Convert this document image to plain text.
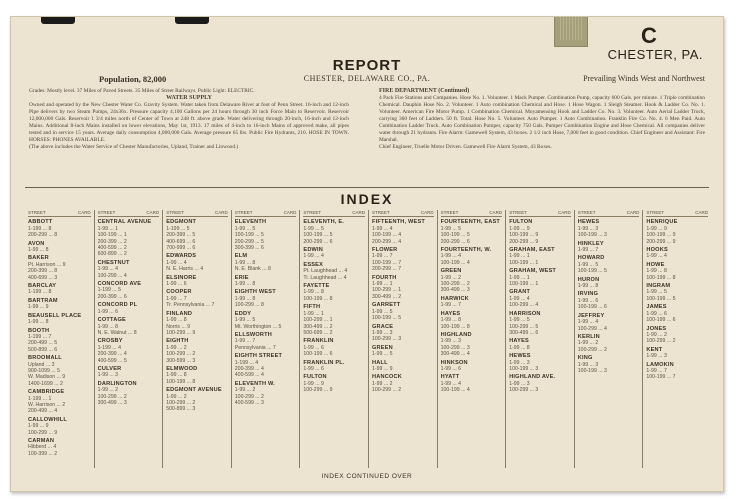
C
CHESTER, PA.
REPORT
Population, 82,000	CHESTER, DELAWARE CO., PA.	Prevailing Winds West and Northwest
Grades: Mostly level. 37 Miles of Paved Streets. 35 Miles of Street Railways. Public Light: ELECTRIC.
WATER SUPPLY
Owned and operated by the New Chester Water Co. Gravity System. Water taken from Delaware River at foot of Penn Street. 16-inch and 12-inch Pipe delivers by two Steam Pumps, 24x36x. Pressure capacity 4,100 Gallons per 24 hours through 30 inch Force Main to Reservoir. Reservoir 12,000,000 Gals. Reservoir 1 3/4 miles north of Center of Town at 248 ft. above grade. Water delivering through 20-inch, 16-inch and 12-inch Mains. Additional 8-inch Mains installed on lower elevations, May 1st, 1913. 17 miles of 4-inch to 16-inch Mains of approved make, all pipes tested and in service 15 years. Average daily consumption 4,000,000 Gals. Average pressure 65 lbs. Public Fire Hydrants, 210. HOSE IN TOWN. HORSES: PHONES AVAILABLE.
(The above includes the Water Service of Chester Manufactories, Upland, Trainer and Linwood.)
FIRE DEPARTMENT (Continued)
4 Pack Fire Stations and Companies. Hose No. 1. Volunteer. 1 Mack Pumper. Combination Pump, capacity 600 Gals. per minute. 1 Triple combination Chemical. Dauphin Hose No. 2. Volunteer. 1 Auto combination Chemical and Hose. 1 Hose Wagon. 1 Sleigh Steamer. Hook & Ladder Co. No. 1. Volunteer. American Fire Motor Pump. 1 Combination Chemical. Moyamensing Hook and Ladder Co. No. 3. Volunteer. Auto Aerial Ladder Truck, carrying 360 feet of Ladders. 50 ft. Total. Hose No. 5. Volunteer. Auto Pumper. 1 Auto Combination. Franklin Fire Co. No. 4. 6 Men Paid. Auto Combination Ladder Truck. Auto Combination Pumper, capacity 750 Gals. Pumper Combination Engine and Hose Chemical. All companies deliver water through 21 hydrants. Fire Alarm: Gamewell System, 43 boxes. 2 1/2 inch Hose, 7,000 feet in good condition. Chief Engineer and Assistant: Fire Marshal.
Chief Engineer, Truelle Motor Driven. Gamewell Fire Alarm System, 43 Boxes.
INDEX
STREET	CARD
ABBOTT
1-199 ... 8
200-299 ... 8
AVON
1-99 ... 8
BAKER
Pt. Harrison ... 9
200-399 ... 8
400-699 ... 3
BARCLAY
1-199 ... 8
BARTRAM
1-99 ... 9
BEAUSELL PLACE
1-99 ... 8
BOOTH
1-199 ... 7
200-499 ... 5
500-899 ... 6
BROOMALL
Upland ... 3
900-1099 ... 5
W. Madison ... 9
1400-1699 ... 2
CAMBRIDGE
1-199 ... 1
W. Harrison ... 2
200-499 ... 4
CALLOWHILL
1-99 ... 9
100-299 ... 9
CARMAN
Hibberd ... 4
100-399 ... 2
STREET	CARD
CENTRAL AVENUE
1-99 ... 1
100-199 ... 1
200-399 ... 2
400-599 ... 2
600-899 ... 2
CHESTNUT
1-99 ... 4
100-299 ... 4
CONCORD AVE
1-199 ... 5
200-399 ... 6
CONCORD PL
1-99 ... 6
COTTAGE
1-99 ... 8
N. E. Walnut ... 8
CROSBY
1-199 ... 4
200-399 ... 4
400-599 ... 5
CULVER
1-99 ... 3
DARLINGTON
1-99 ... 2
100-299 ... 2
300-499 ... 3
STREET	CARD
EDGMONT
1-199 ... 5
200-399 ... 5
400-699 ... 6
700-999 ... 6
EDWARDS
1-99 ... 4
N. E. Harris ... 4
ELSINORE
1-99 ... 6
COOPER
1-99 ... 7
Tr. Pennsylvania ... 7
FINLAND
1-99 ... 8
Norris ... 9
100-299 ... 9
EIGHTH
1-99 ... 2
100-299 ... 2
300-599 ... 3
ELMWOOD
1-99 ... 8
100-199 ... 8
EDGMONT AVENUE
1-99 ... 2
100-299 ... 2
500-899 ... 3
STREET	CARD
ELEVENTH
1-99 ... 5
100-199 ... 5
200-299 ... 5
300-399 ... 6
ELM
1-99 ... 8
N. E. Blank ... 8
ERIE
1-99 ... 8
EIGHTH WEST
1-99 ... 8
100-299 ... 8
EDDY
1-99 ... 5
Mt. Worthington ... 5
ELLSWORTH
1-99 ... 7
Pennsylvania ... 7
EIGHTH STREET
1-199 ... 4
200-399 ... 4
400-599 ... 4
ELEVENTH W.
1-99 ... 2
100-299 ... 2
400-599 ... 3
STREET	CARD
ELEVENTH, E.
1-99 ... 5
100-199 ... 5
200-299 ... 6
EDWIN
1-99 ... 4
ESSEX
Pt. Laughhead ... 4
Ti. Laughhead ... 4
FAYETTE
1-99 ... 8
100-199 ... 8
FIFTH
1-99 ... 1
100-299 ... 1
300-499 ... 2
500-699 ... 2
FRANKLIN
1-99 ... 6
100-199 ... 6
FRANKLIN PL.
1-99 ... 6
FULTON
1-99 ... 9
100-299 ... 9
STREET	CARD
FIFTEENTH, WEST
1-99 ... 4
100-199 ... 4
200-299 ... 4
FLOWER
1-99 ... 7
100-199 ... 7
200-299 ... 7
FOURTH
1-99 ... 1
100-299 ... 1
300-499 ... 2
GARRETT
1-99 ... 5
100-199 ... 5
GRACE
1-99 ... 3
100-299 ... 3
GREEN
1-99 ... 5
HALL
1-99 ... 9
HANCOCK
1-99 ... 2
100-299 ... 2
STREET	CARD
FOURTEENTH, EAST
1-99 ... 5
100-199 ... 5
200-299 ... 6
FOURTEENTH, W.
1-99 ... 4
100-199 ... 4
GREEN
1-99 ... 2
100-299 ... 2
300-499 ... 3
HARWICK
1-99 ... 7
HAYES
1-99 ... 8
100-199 ... 8
HIGHLAND
1-99 ... 3
100-299 ... 3
300-499 ... 4
HINKSON
1-99 ... 6
HYATT
1-99 ... 4
100-199 ... 4
STREET	CARD
FULTON
1-99 ... 9
100-199 ... 9
200-299 ... 9
GRAHAM, EAST
1-99 ... 1
100-199 ... 1
GRAHAM, WEST
1-99 ... 1
100-199 ... 1
GRANT
1-99 ... 4
100-299 ... 4
HARRISON
1-99 ... 5
100-299 ... 5
300-499 ... 6
HAYES
1-99 ... 8
HEWES
1-99 ... 3
100-199 ... 3
HIGHLAND AVE.
1-99 ... 3
100-299 ... 3
STREET	CARD
HEWES
1-99 ... 3
100-199 ... 3
HINKLEY
1-99 ... 7
HOWARD
1-99 ... 5
100-199 ... 5
HURON
1-99 ... 8
IRVING
1-99 ... 6
100-199 ... 6
JEFFREY
1-99 ... 4
100-299 ... 4
KERLIN
1-99 ... 2
100-299 ... 2
KING
1-99 ... 3
100-199 ... 3
STREET	CARD
HENRIQUE
1-99 ... 9
100-199 ... 9
200-299 ... 9
HOOKS
1-99 ... 4
HOWE
1-99 ... 8
100-199 ... 8
INGRAM
1-99 ... 5
100-199 ... 5
JAMES
1-99 ... 6
100-199 ... 6
JONES
1-99 ... 2
100-299 ... 2
KENT
1-99 ... 3
LAMOKIN
1-99 ... 7
100-199 ... 7
INDEX CONTINUED OVER
